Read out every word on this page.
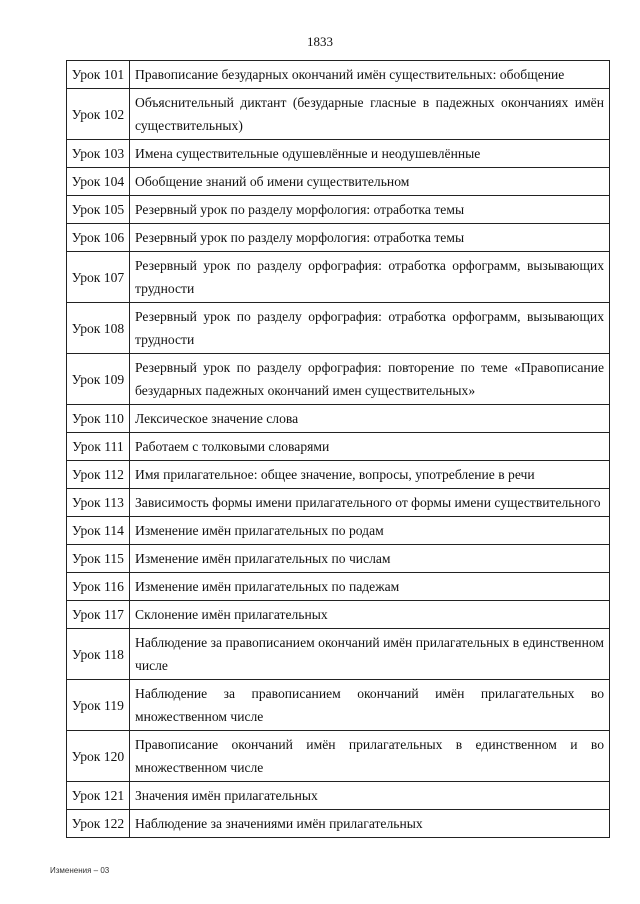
1833
Урок 101	Правописание безударных окончаний имён существительных: обобщение
Урок 102	Объяснительный диктант (безударные гласные в падежных окончаниях имён существительных)
Урок 103	Имена существительные одушевлённые и неодушевлённые
Урок 104	Обобщение знаний об имени существительном
Урок 105	Резервный урок по разделу морфология: отработка темы
Урок 106	Резервный урок по разделу морфология: отработка темы
Урок 107	Резервный урок по разделу орфография: отработка орфограмм, вызывающих трудности
Урок 108	Резервный урок по разделу орфография: отработка орфограмм, вызывающих трудности
Урок 109	Резервный урок по разделу орфография: повторение по теме «Правописание безударных падежных окончаний имен существительных»
Урок 110	Лексическое значение слова
Урок 111	Работаем с толковыми словарями
Урок 112	Имя прилагательное: общее значение, вопросы, употребление в речи
Урок 113	Зависимость формы имени прилагательного от формы имени существительного
Урок 114	Изменение имён прилагательных по родам
Урок 115	Изменение имён прилагательных по числам
Урок 116	Изменение имён прилагательных по падежам
Урок 117	Склонение имён прилагательных
Урок 118	Наблюдение за правописанием окончаний имён прилагательных в единственном числе
Урок 119	Наблюдение за правописанием окончаний имён прилагательных во множественном числе
Урок 120	Правописание окончаний имён прилагательных в единственном и во множественном числе
Урок 121	Значения имён прилагательных
Урок 122	Наблюдение за значениями имён прилагательных
Изменения – 03
